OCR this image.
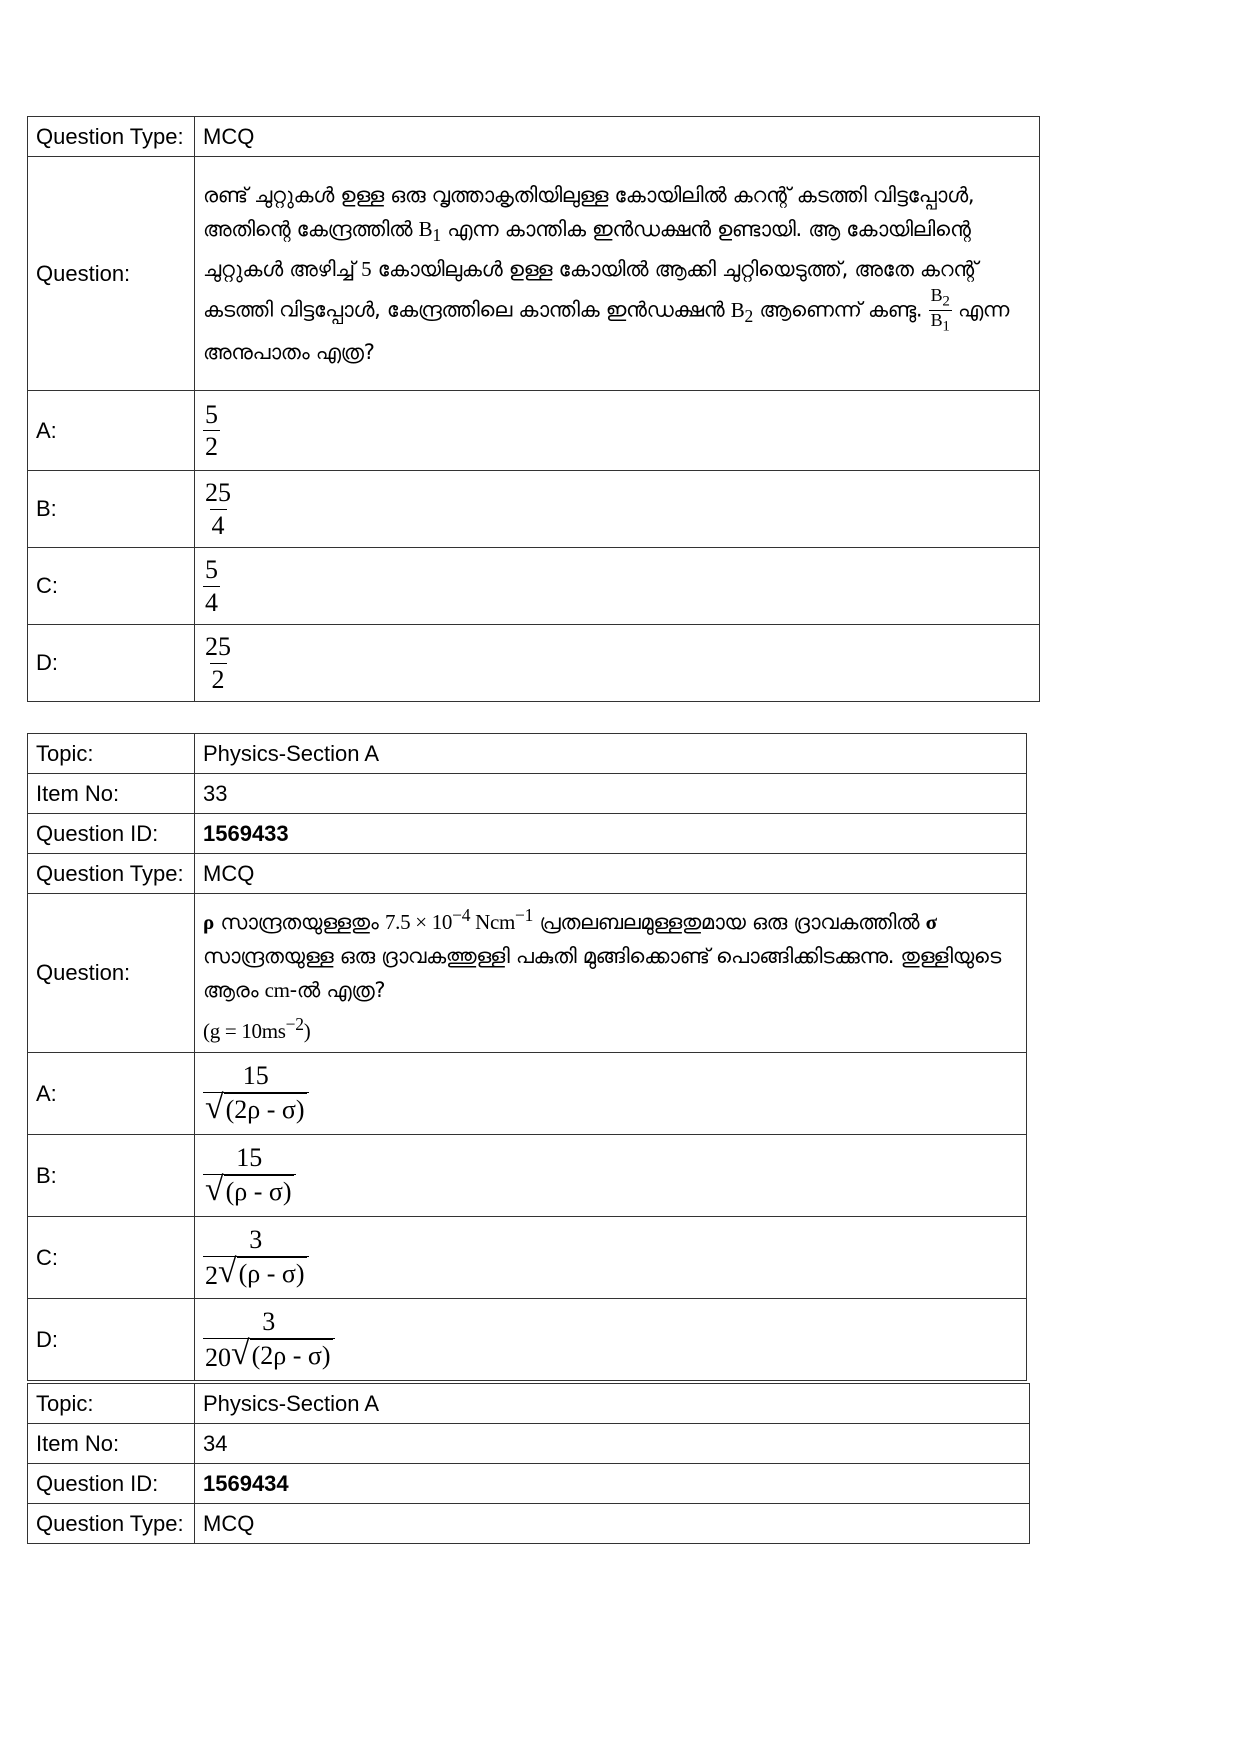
Question Type:	MCQ
Question:	രണ്ട് ചുറ്റുകൾ ഉള്ള ഒരു വൃത്താകൃതിയിലുള്ള കോയിലിൽ കറന്റ് കടത്തി വിട്ടപ്പോൾ, അതിന്റെ കേന്ദ്രത്തിൽ $B_1$ എന്ന കാന്തിക ഇൻഡക്ഷൻ ഉണ്ടായി. ആ കോയിലിന്റെ ചുറ്റുകൾ അഴിച്ച് 5 കോയിലുകൾ ഉള്ള കോയിൽ ആക്കി ചുറ്റിയെടുത്ത്, അതേ കറന്റ് കടത്തി വിട്ടപ്പോൾ, കേന്ദ്രത്തിലെ കാന്തിക ഇൻഡക്ഷൻ $B_2$ ആണെന്ന് കണ്ടു. $\frac{B_2}{B_1}$ എന്ന അനുപാതം എത്ര?

A:	$\frac{5}{2}$

B:	$\frac{25}{4}$

C:	$\frac{5}{4}$

D:	$\frac{25}{2}$
Topic:	Physics-Section A
Item No:	33
Question ID:	1569433
Question Type:	MCQ
Question:	ρ സാന്ദ്രതയുള്ളതും $7.5 \times 10^{-4}$ Ncm$^{-1}$ പ്രതലബലമുള്ളതുമായ ഒരു ദ്രാവകത്തിൽ σ സാന്ദ്രതയുള്ള ഒരു ദ്രാവകത്തുള്ളി പകുതി മുങ്ങിക്കൊണ്ട് പൊങ്ങിക്കിടക്കുന്നു. തുള്ളിയുടെ ആരം cm-ൽ എത്ര?
$(g = 10ms^{-2})$

A:	$\frac{15}{√ (2\rho - \sigma)}$

B:	$\frac{15}{√ (\rho - \sigma)}$

C:	$\frac{3}{2 √ (\rho - \sigma)}$

D:	$\frac{3}{20 √ (2\rho - \sigma)}$
Topic:	Physics-Section A
Item No:	34
Question ID:	1569434
Question Type:	MCQ
